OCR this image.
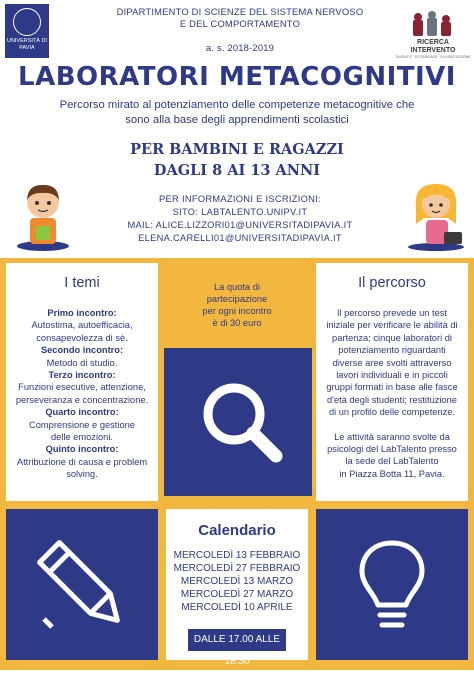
UNIVERSITÀ DI PAVIA
DIPARTIMENTO DI SCIENZE DEL SISTEMA NERVOSO
E DEL COMPORTAMENTO
a. s. 2018-2019	RICERCA INTERVENTO
TALENTO · POTENZIALE · PLUSDOTAZIONE
LABORATORI METACOGNITIVI
Percorso mirato al potenziamento delle competenze metacognitive che
sono alla base degli apprendimenti scolastici
PER BAMBINI E RAGAZZI
DAGLI 8 AI 13 ANNI
PER INFORMAZIONI E ISCRIZIONI:
SITO: LABTALENTO.UNIPV.IT
MAIL: ALICE.LIZZORI01@UNIVERSITADIPAVIA.IT
ELENA.CARELLI01@UNIVERSITADIPAVIA.IT
I temi
Primo incontro:
Autostima, autoefficacia,
consapevolezza di sè.
Secondo incontro:
Metodo di studio.
Terzo incontro:
Funzioni esecutive, attenzione,
perseveranza e concentrazione.
Quarto incontro:
Comprensione e gestione
delle emozioni.
Quinto incontro:
Attribuzione di causa e problem
solving.
La quota di
partecipazione
per ogni incontro
è di 30 euro
Il percorso
Il percorso prevede un test
iniziale per verificare le abilità di
partenza; cinque laboratori di
potenziamento riguardanti
diverse aree svolti attraverso
lavori individuali e in piccoli
gruppi formati in base alle fasce
d'età degli studenti; restituzione
di un profilo delle competenze.
Le attività saranno svolte da
psicologi del LabTalento presso
la sede del LabTalento
in Piazza Botta 11, Pavia.
Calendario
MERCOLEDÌ 13 FEBBRAIO
MERCOLEDÌ 27 FEBBRAIO
MERCOLEDÌ 13 MARZO
MERCOLEDÌ 27 MARZO
MERCOLEDÌ 10 APRILE
DALLE 17.00 ALLE 18.30
